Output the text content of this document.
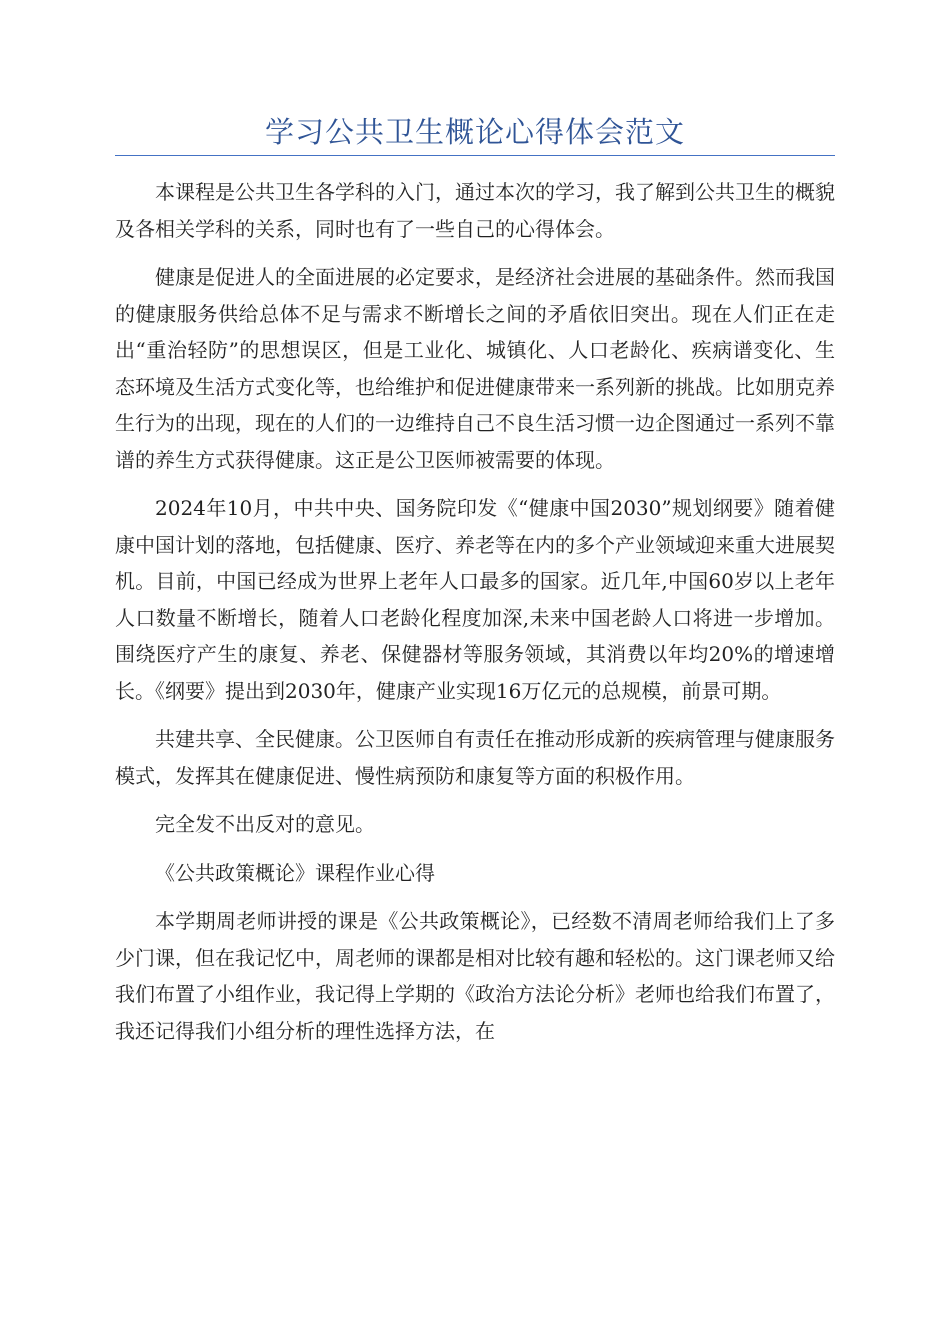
学习公共卫生概论心得体会范文

本课程是公共卫生各学科的入门，通过本次的学习，我了解到公共卫生的概貌及各相关学科的关系，同时也有了一些自己的心得体会。

健康是促进人的全面进展的必定要求，是经济社会进展的基础条件。然而我国的健康服务供给总体不足与需求不断增长之间的矛盾依旧突出。现在人们正在走出“重治轻防”的思想误区，但是工业化、城镇化、人口老龄化、疾病谱变化、生态环境及生活方式变化等，也给维护和促进健康带来一系列新的挑战。比如朋克养生行为的出现，现在的人们的一边维持自己不良生活习惯一边企图通过一系列不靠谱的养生方式获得健康。这正是公卫医师被需要的体现。

2024年10月，中共中央、国务院印发《“健康中国2030”规划纲要》随着健康中国计划的落地，包括健康、医疗、养老等在内的多个产业领域迎来重大进展契机。目前，中国已经成为世界上老年人口最多的国家。近几年,中国60岁以上老年人口数量不断增长，随着人口老龄化程度加深,未来中国老龄人口将进一步增加。围绕医疗产生的康复、养老、保健器材等服务领域，其消费以年均20%的增速增长。《纲要》提出到2030年，健康产业实现16万亿元的总规模，前景可期。

共建共享、全民健康。公卫医师自有责任在推动形成新的疾病管理与健康服务模式，发挥其在健康促进、慢性病预防和康复等方面的积极作用。

完全发不出反对的意见。

《公共政策概论》课程作业心得

本学期周老师讲授的课是《公共政策概论》，已经数不清周老师给我们上了多少门课，但在我记忆中，周老师的课都是相对比较有趣和轻松的。这门课老师又给我们布置了小组作业，我记得上学期的《政治方法论分析》老师也给我们布置了，我还记得我们小组分析的理性选择方法，在
